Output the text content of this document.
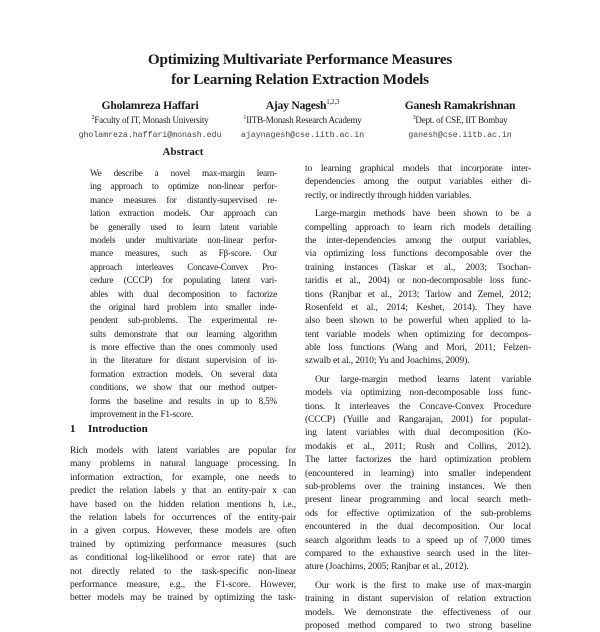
Optimizing Multivariate Performance Measures
for Learning Relation Extraction Models
Gholamreza Haffari
$^2$Faculty of IT, Monash University
gholamreza.haffari@monash.edu
Ajay Nagesh$^{1,2,3}$
$^1$IITB-Monash Research Academy
ajaynagesh@cse.iitb.ac.in
Ganesh Ramakrishnan
$^3$Dept. of CSE, IIT Bombay
ganesh@cse.iitb.ac.in
Abstract
We describe a novel max-margin learn-
ing approach to optimize non-linear perfor-
mance measures for distantly-supervised re-
lation extraction models. Our approach can
be generally used to learn latent variable
models under multivariate non-linear perfor-
mance measures, such as Fβ-score. Our
approach interleaves Concave-Convex Pro-
cedure (CCCP) for populating latent vari-
ables with dual decomposition to factorize
the original hard problem into smaller inde-
pendent sub-problems. The experimental re-
sults demonstrate that our learning algorithm
is more effective than the ones commonly used
in the literature for distant supervision of in-
formation extraction models. On several data
conditions, we show that our method outper-
forms the baseline and results in up to 8.5%
improvement in the F1-score.
1 Introduction
Rich models with latent variables are popular for
many problems in natural language processing. In
information extraction, for example, one needs to
predict the relation labels y that an entity-pair x can
have based on the hidden relation mentions h, i.e.,
the relation labels for occurrences of the entity-pair
in a given corpus. However, these models are often
trained by optimizing performance measures (such
as conditional log-likelihood or error rate) that are
not directly related to the task-specific non-linear
performance measure, e.g., the F1-score. However,
better models may be trained by optimizing the task-
to learning graphical models that incorporate inter-
dependencies among the output variables either di-
rectly, or indirectly through hidden variables.
Large-margin methods have been shown to be a
compelling approach to learn rich models detailing
the inter-dependencies among the output variables,
via optimizing loss functions decomposable over the
training instances (Taskar et al., 2003; Tsochan-
taridis et al., 2004) or non-decomposable loss func-
tions (Ranjbar et al., 2013; Tarlow and Zemel, 2012;
Rosenfeld et al., 2014; Keshet, 2014). They have
also been shown to be powerful when applied to la-
tent variable models when optimizing for decompos-
able loss functions (Wang and Mori, 2011; Felzen-
szwalb et al., 2010; Yu and Joachims, 2009).
Our large-margin method learns latent variable
models via optimizing non-decomposable loss func-
tions. It interleaves the Concave-Convex Procedure
(CCCP) (Yuille and Rangarajan, 2001) for populat-
ing latent variables with dual decomposition (Ko-
modakis et al., 2011; Rush and Collins, 2012).
The latter factorizes the hard optimization problem
(encountered in learning) into smaller independent
sub-problems over the training instances. We then
present linear programming and local search meth-
ods for effective optimization of the sub-problems
encountered in the dual decomposition. Our local
search algorithm leads to a speed up of 7,000 times
compared to the exhaustive search used in the liter-
ature (Joachims, 2005; Ranjbar et al., 2012).
Our work is the first to make use of max-margin
training in distant supervision of relation extraction
models. We demonstrate the effectiveness of our
proposed method compared to two strong baseline
